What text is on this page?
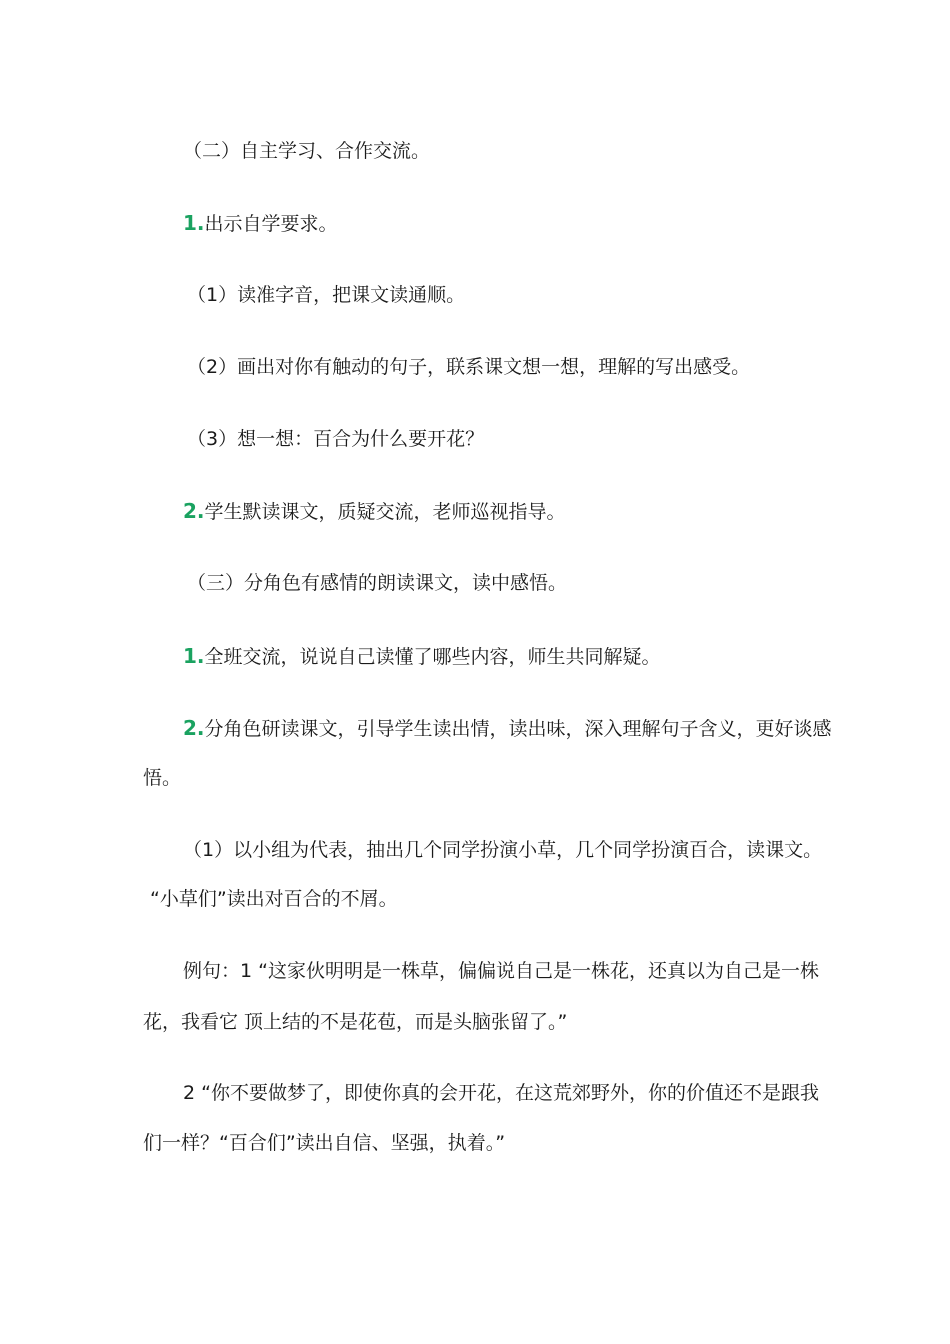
（二）自主学习、合作交流。
1.出示自学要求。
（1）读准字音，把课文读通顺。
（2）画出对你有触动的句子，联系课文想一想，理解的写出感受。
（3）想一想：百合为什么要开花？
2.学生默读课文，质疑交流，老师巡视指导。
（三）分角色有感情的朗读课文，读中感悟。
1.全班交流，说说自己读懂了哪些内容，师生共同解疑。
2.分角色研读课文，引导学生读出情，读出味，深入理解句子含义，更好谈感
悟。
（1）以小组为代表，抽出几个同学扮演小草，几个同学扮演百合，读课文。
“小草们”读出对百合的不屑。
例句：1 “这家伙明明是一株草，偏偏说自己是一株花，还真以为自己是一株
花，我看它 顶上结的不是花苞，而是头脑张留了。”
2 “你不要做梦了，即使你真的会开花，在这荒郊野外，你的价值还不是跟我
们一样？“百合们”读出自信、坚强，执着。”
